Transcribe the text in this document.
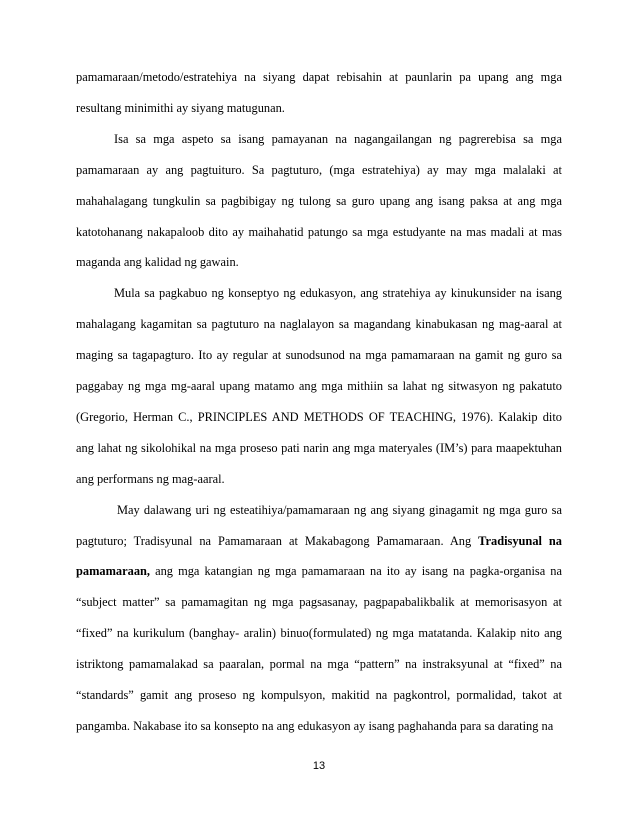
pamamaraan/metodo/estratehiya na siyang dapat rebisahin at paunlarin pa upang ang mga
resultang minimithi ay siyang matugunan.
Isa sa mga aspeto sa isang pamayanan na nagangailangan ng pagrerebisa sa mga
pamamaraan ay ang pagtuituro. Sa pagtuturo, (mga estratehiya) ay may mga malalaki at
mahahalagang tungkulin sa pagbibigay ng tulong sa guro upang ang isang paksa at ang mga
katotohanang nakapaloob dito ay maihahatid patungo sa mga estudyante na mas madali at mas
maganda ang kalidad ng gawain.
Mula sa pagkabuo ng konseptyo ng edukasyon, ang stratehiya ay kinukunsider na isang
mahalagang kagamitan sa pagtuturo na naglalayon sa magandang kinabukasan ng mag-aaral at
maging sa tagapagturo. Ito ay regular at sunodsunod na mga pamamaraan na gamit ng guro sa
paggabay ng mga mg-aaral upang matamo ang mga mithiin sa lahat ng sitwasyon ng pakatuto
(Gregorio, Herman C., PRINCIPLES AND METHODS OF TEACHING, 1976). Kalakip dito
ang lahat ng sikolohikal na mga proseso pati narin ang mga materyales (IM’s) para maapektuhan
ang performans ng mag-aaral.
May dalawang uri ng esteatihiya/pamamaraan ng ang siyang ginagamit ng mga guro sa
pagtuturo; Tradisyunal na Pamamaraan at Makabagong Pamamaraan. Ang Tradisyunal na
pamamaraan, ang mga katangian ng mga pamamaraan na ito ay isang na pagka-organisa na
“subject matter” sa pamamagitan ng mga pagsasanay, pagpapabalikbalik at memorisasyon at
“fixed” na kurikulum (banghay- aralin) binuo(formulated) ng mga matatanda. Kalakip nito ang
istriktong pamamalakad sa paaralan, pormal na mga “pattern” na instraksyunal at “fixed” na
“standards” gamit ang proseso ng kompulsyon, makitid na pagkontrol, pormalidad, takot at
pangamba. Nakabase ito sa konsepto na ang edukasyon ay isang paghahanda para sa darating na
13
